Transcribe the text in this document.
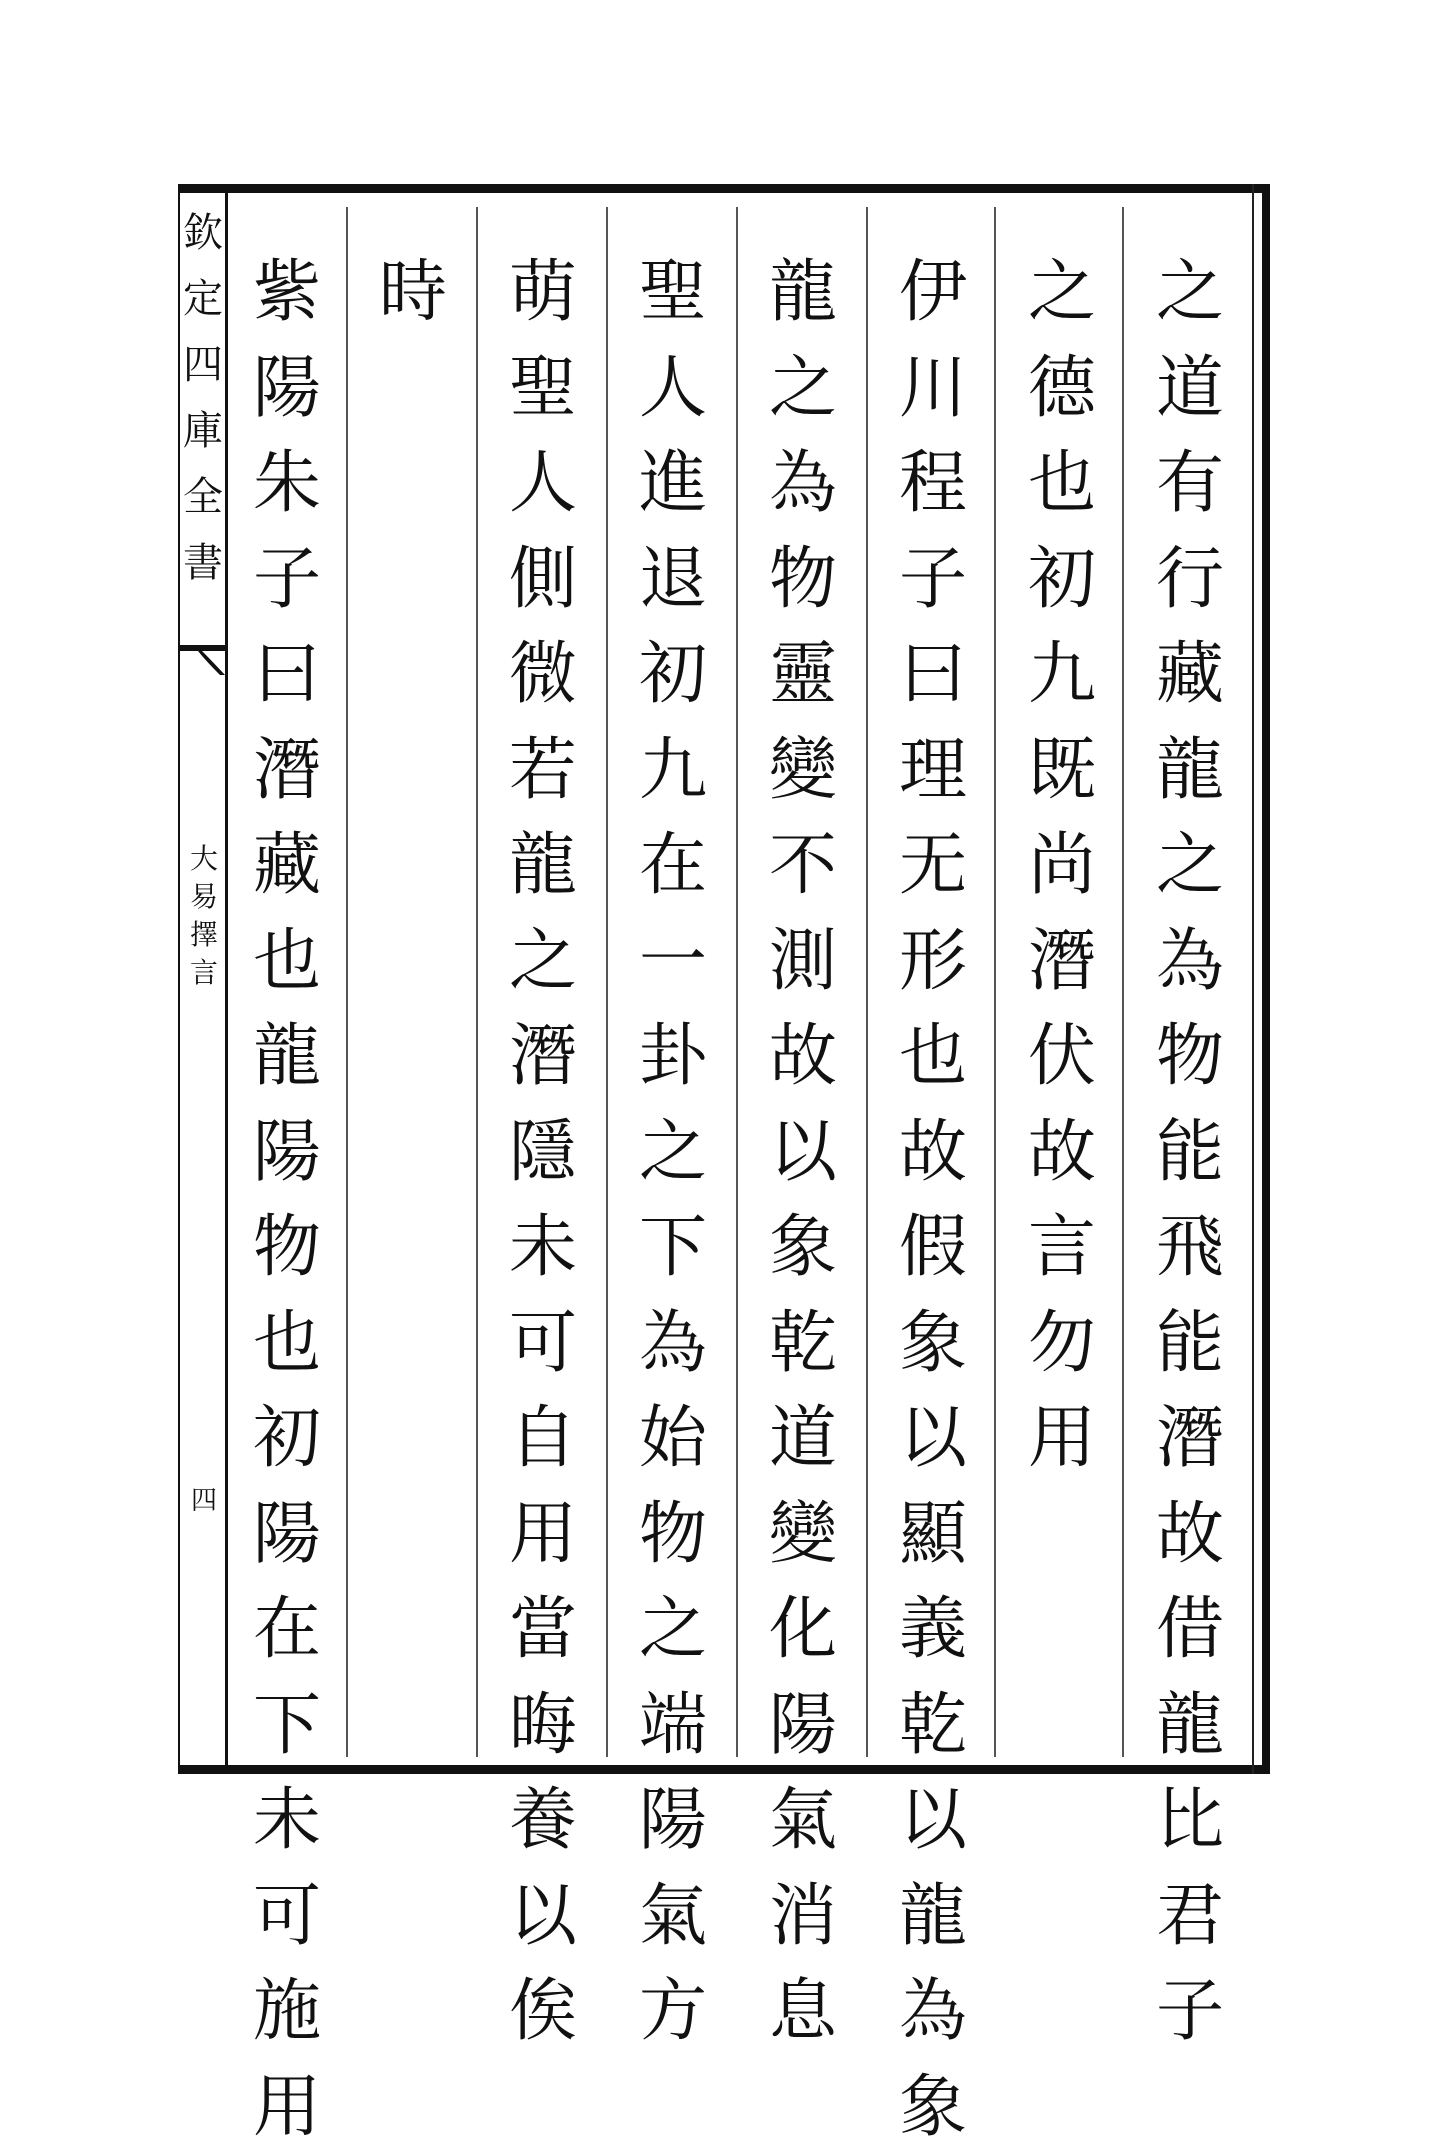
欽
定
四
庫
全
書
大
易
擇
言
四
之
道
有
行
藏
龍
之
為
物
能
飛
能
潛
故
借
龍
比
君
子
之
德
也
初
九
既
尚
潛
伏
故
言
勿
用
伊
川
程
子
曰
理
无
形
也
故
假
象
以
顯
義
乾
以
龍
為
象
龍
之
為
物
靈
變
不
測
故
以
象
乾
道
變
化
陽
氣
消
息
聖
人
進
退
初
九
在
一
卦
之
下
為
始
物
之
端
陽
氣
方
萌
聖
人
側
微
若
龍
之
潛
隱
未
可
自
用
當
晦
養
以
俟
時
紫
陽
朱
子
曰
潛
藏
也
龍
陽
物
也
初
陽
在
下
未
可
施
用
